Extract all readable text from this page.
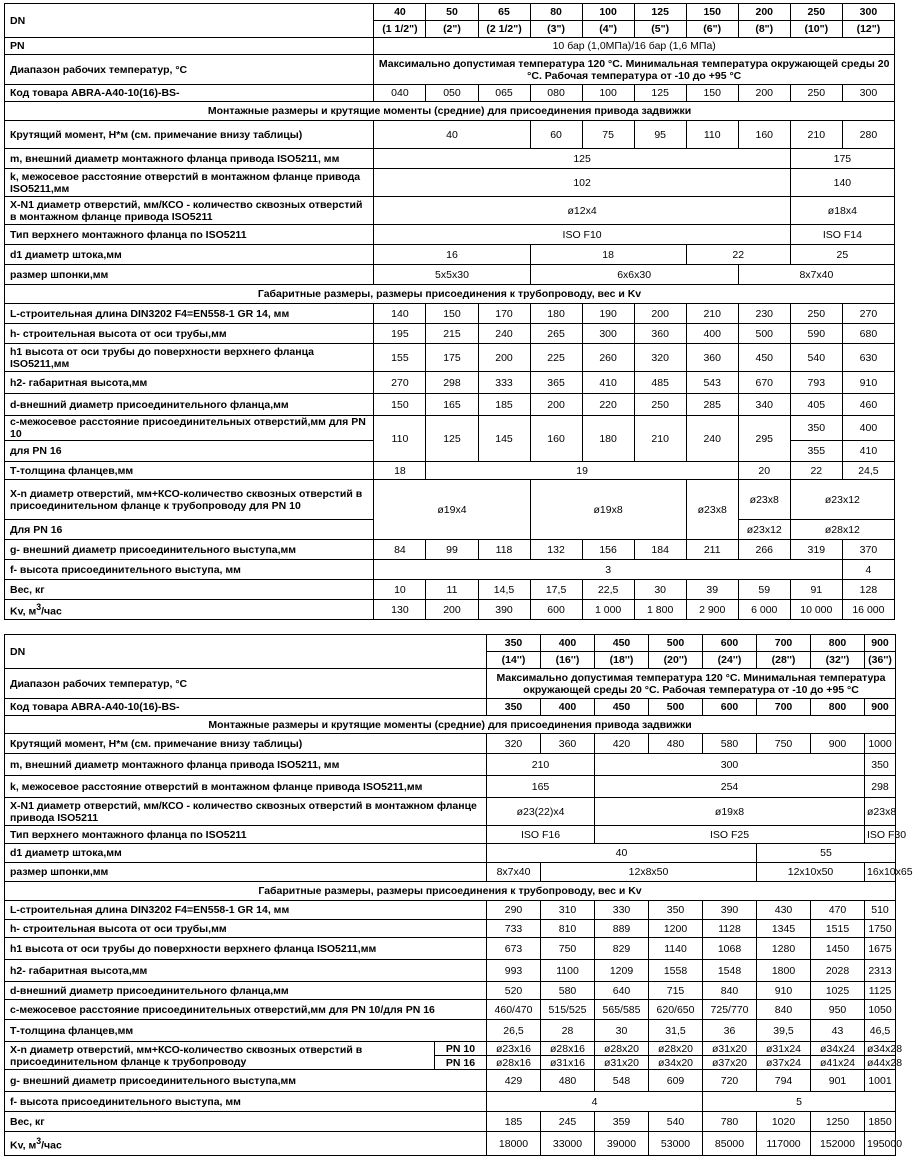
DN	40	50	65	80	100	125	150	200	250	300
	(1 1/2")	(2")	(2 1/2")	(3")	(4")	(5")	(6")	(8")	(10")	(12")
PN	10 бар (1,0МПа)/16 бар (1,6 МПа)									
Диапазон рабочих температур, °С	Максимально допустимая температура 120 °С. Минимальная температура окружающей среды 20 °С. Рабочая температура от -10 до +95 °С									
Код товара ABRA-A40-10(16)-BS-	040	050	065	080	100	125	150	200	250	300
Монтажные размеры и крутящие моменты (средние) для присоединения привода задвижки										
Крутящий момент, Н*м (см. примечание внизу таблицы)	40			60	75	95	110	160	210	280
m, внешний диаметр монтажного фланца привода ISO5211, мм	125								175	
k, межосевое расстояние отверстий в монтажном фланце привода ISO5211,мм	102								140	
X-N1 диаметр отверстий, мм/КСО - количество сквозных отверстий в монтажном фланце привода ISO5211	ø12x4								ø18x4	
Тип верхнего монтажного фланца по ISO5211	ISO F10								ISO F14	
d1 диаметр штока,мм	16			18			22		25	
размер шпонки,мм	5x5x30			6x6x30				8x7x40		
Габаритные размеры, размеры присоединения к трубопроводу, вес и Kv										
L-строительная длина DIN3202 F4=EN558-1 GR 14, мм	140	150	170	180	190	200	210	230	250	270
h- строительная высота от оси трубы,мм	195	215	240	265	300	360	400	500	590	680
h1 высота от оси трубы до поверхности верхнего фланца ISO5211,мм	155	175	200	225	260	320	360	450	540	630
h2- габаритная высота,мм	270	298	333	365	410	485	543	670	793	910
d-внешний диаметр присоединительного фланца,мм	150	165	185	200	220	250	285	340	405	460
с-межосевое расстояние присоединительных отверстий,мм для PN 10	110	125	145	160	180	210	240	295	350	400
для PN 16									355	410
Т-толщина фланцев,мм	18	19						20	22	24,5
X-n диаметр отверстий, мм+КСО-количество сквозных отверстий в присоединительном фланце к трубопроводу для PN 10	ø19x4			ø19x8			ø23x8	ø23x8	ø23x12	
Для PN 16								ø23x12	ø28x12	
g- внешний диаметр присоединительного выступа,мм	84	99	118	132	156	184	211	266	319	370
f- высота присоединительного выступа, мм	3									4
Вес, кг	10	11	14,5	17,5	22,5	30	39	59	91	128
Kv, $м^3$/час	130	200	390	600	1 000	1 800	2 900	6 000	10 000	16 000
DN		350	400	450	500	600	700	800	900
		(14'')	(16'')	(18'')	(20'')	(24'')	(28'')	(32'')	(36'')
Диапазон рабочих температур, °С		Максимально допустимая температура 120 °С. Минимальная температура окружающей среды 20 °С. Рабочая температура от -10 до +95 °С							
Код товара ABRA-A40-10(16)-BS-		350	400	450	500	600	700	800	900
Монтажные размеры и крутящие моменты (средние) для присоединения привода задвижки									
Крутящий момент, Н*м (см. примечание внизу таблицы)		320	360	420	480	580	750	900	1000
m, внешний диаметр монтажного фланца привода ISO5211, мм		210		300					350
k, межосевое расстояние отверстий в монтажном фланце привода ISO5211,мм		165		254					298
X-N1 диаметр отверстий, мм/КСО - количество сквозных отверстий в монтажном фланце привода ISO5211		ø23(22)x4		ø19x8					ø23x8
Тип верхнего монтажного фланца по ISO5211		ISO F16		ISO F25					ISO F30
d1 диаметр штока,мм		40					55		
размер шпонки,мм		8x7x40	12x8x50				12x10x50		16x10x65
Габаритные размеры, размеры присоединения к трубопроводу, вес и Kv									
L-строительная длина DIN3202 F4=EN558-1 GR 14, мм		290	310	330	350	390	430	470	510
h- строительная высота от оси трубы,мм		733	810	889	1200	1128	1345	1515	1750
h1 высота от оси трубы до поверхности верхнего фланца ISO5211,мм		673	750	829	1140	1068	1280	1450	1675
h2- габаритная высота,мм		993	1100	1209	1558	1548	1800	2028	2313
d-внешний диаметр присоединительного фланца,мм		520	580	640	715	840	910	1025	1125
с-межосевое расстояние присоединительных отверстий,мм для PN 10/для PN 16		460/470	515/525	565/585	620/650	725/770	840	950	1050
Т-толщина фланцев,мм		26,5	28	30	31,5	36	39,5	43	46,5
X-n диаметр отверстий, мм+КСО-количество сквозных отверстий в присоединительном фланце к трубопроводу	PN 10	ø23x16	ø28x16	ø28x20	ø28x20	ø31x20	ø31x24	ø34x24	ø34x28
	PN 16	ø28x16	ø31x16	ø31x20	ø34x20	ø37x20	ø37x24	ø41x24	ø44x28
g- внешний диаметр присоединительного выступа,мм		429	480	548	609	720	794	901	1001
f- высота присоединительного выступа, мм		4				5			
Вес, кг		185	245	359	540	780	1020	1250	1850
Kv, $м^3$/час		18000	33000	39000	53000	85000	117000	152000	195000
